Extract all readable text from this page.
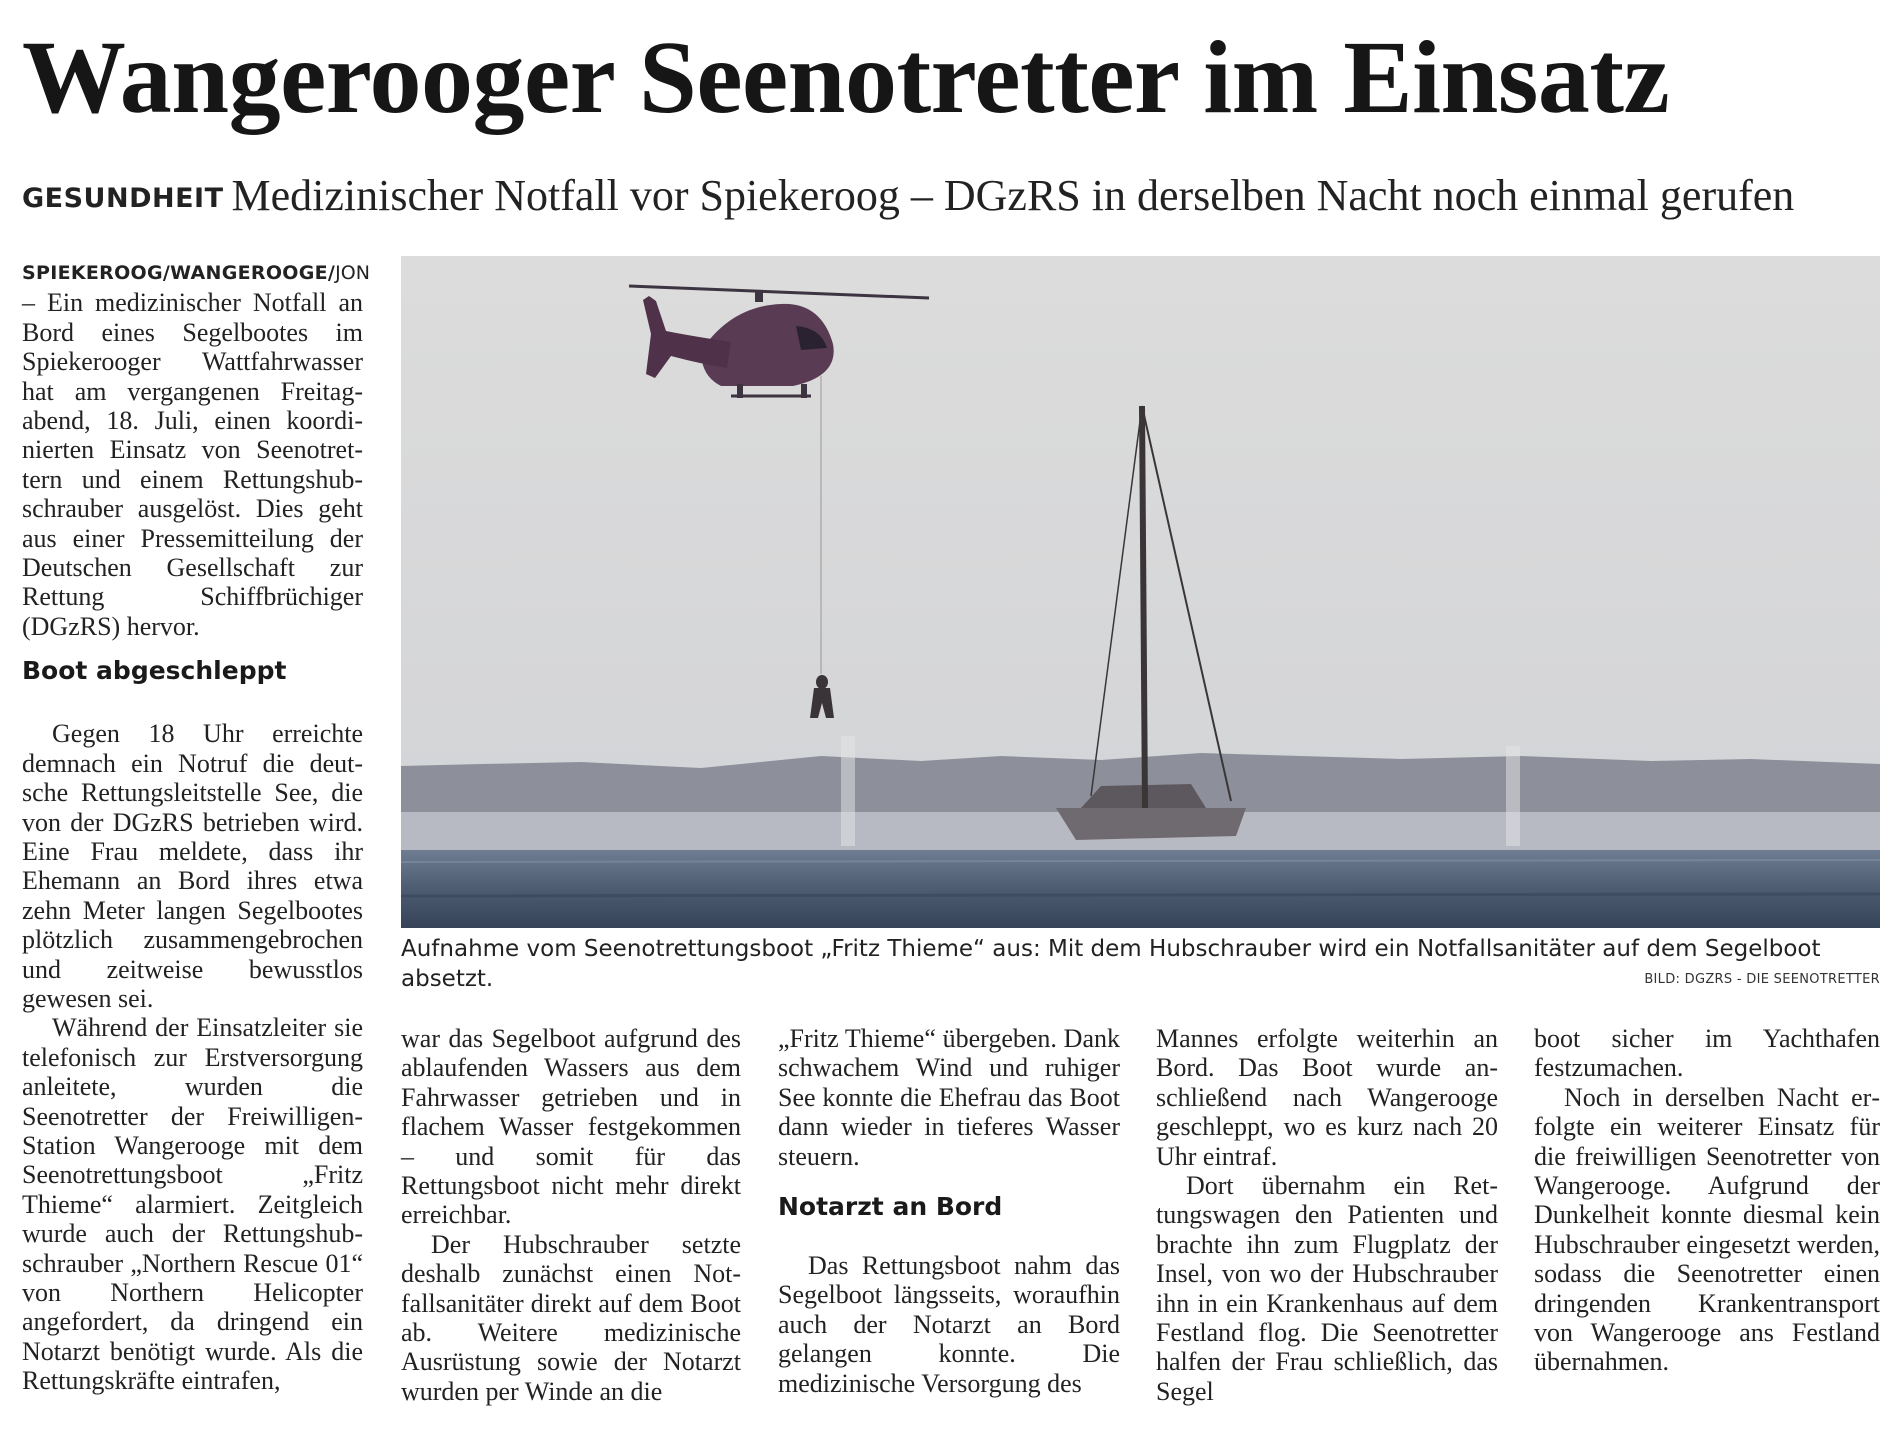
Wangerooger Seenotretter im Einsatz
GESUNDHEIT Medizinischer Notfall vor Spiekeroog – DGzRS in derselben Nacht noch einmal gerufen

SPIEKEROOG/WANGEROOGE/JON – Ein medizinischer Notfall an Bord eines Segelbootes im Spiekerooger Wattfahrwasser hat am vergangenen Freitagabend, 18. Juli, einen koordinierten Einsatz von Seenotrettern und einem Rettungshubschrauber ausgelöst. Dies geht aus einer Pressemitteilung der Deutschen Gesellschaft zur Rettung Schiffbrüchiger (DGzRS) hervor.

Boot abgeschleppt

Gegen 18 Uhr erreichte demnach ein Notruf die deutsche Rettungsleitstelle See, die von der DGzRS betrieben wird. Eine Frau meldete, dass ihr Ehemann an Bord ihres etwa zehn Meter langen Segelbootes plötzlich zusammengebrochen und zeitweise bewusstlos gewesen sei.

Während der Einsatzleiter sie telefonisch zur Erstversorgung anleitete, wurden die Seenotretter der Freiwilligen-Station Wangerooge mit dem Seenotrettungsboot „Fritz Thieme“ alarmiert. Zeitgleich wurde auch der Rettungshubschrauber „Northern Rescue 01“ von Northern Helicopter angefordert, da dringend ein Notarzt benötigt wurde. Als die Rettungskräfte eintrafen,

Aufnahme vom Seenotrettungsboot „Fritz Thieme“ aus: Mit dem Hubschrauber wird ein Notfallsanitäter auf dem Segelboot absetzt.	BILD: DGZRS - DIE SEENOTRETTER

war das Segelboot aufgrund des ablaufenden Wassers aus dem Fahrwasser getrieben und in flachem Wasser festgekommen – und somit für das Rettungsboot nicht mehr direkt erreichbar.

Der Hubschrauber setzte deshalb zunächst einen Notfallsanitäter direkt auf dem Boot ab. Weitere medizinische Ausrüstung sowie der Notarzt wurden per Winde an die

„Fritz Thieme“ übergeben. Dank schwachem Wind und ruhiger See konnte die Ehefrau das Boot dann wieder in tieferes Wasser steuern.

Notarzt an Bord

Das Rettungsboot nahm das Segelboot längsseits, woraufhin auch der Notarzt an Bord gelangen konnte. Die medizinische Versorgung des

Mannes erfolgte weiterhin an Bord. Das Boot wurde anschließend nach Wangerooge geschleppt, wo es kurz nach 20 Uhr eintraf.

Dort übernahm ein Rettungswagen den Patienten und brachte ihn zum Flugplatz der Insel, von wo der Hubschrauber ihn in ein Krankenhaus auf dem Festland flog. Die Seenotretter halfen der Frau schließlich, das Segel

boot sicher im Yachthafen festzumachen.

Noch in derselben Nacht erfolgte ein weiterer Einsatz für die freiwilligen Seenotretter von Wangerooge. Aufgrund der Dunkelheit konnte diesmal kein Hubschrauber eingesetzt werden, sodass die Seenotretter einen dringenden Krankentransport von Wangerooge ans Festland übernahmen.
